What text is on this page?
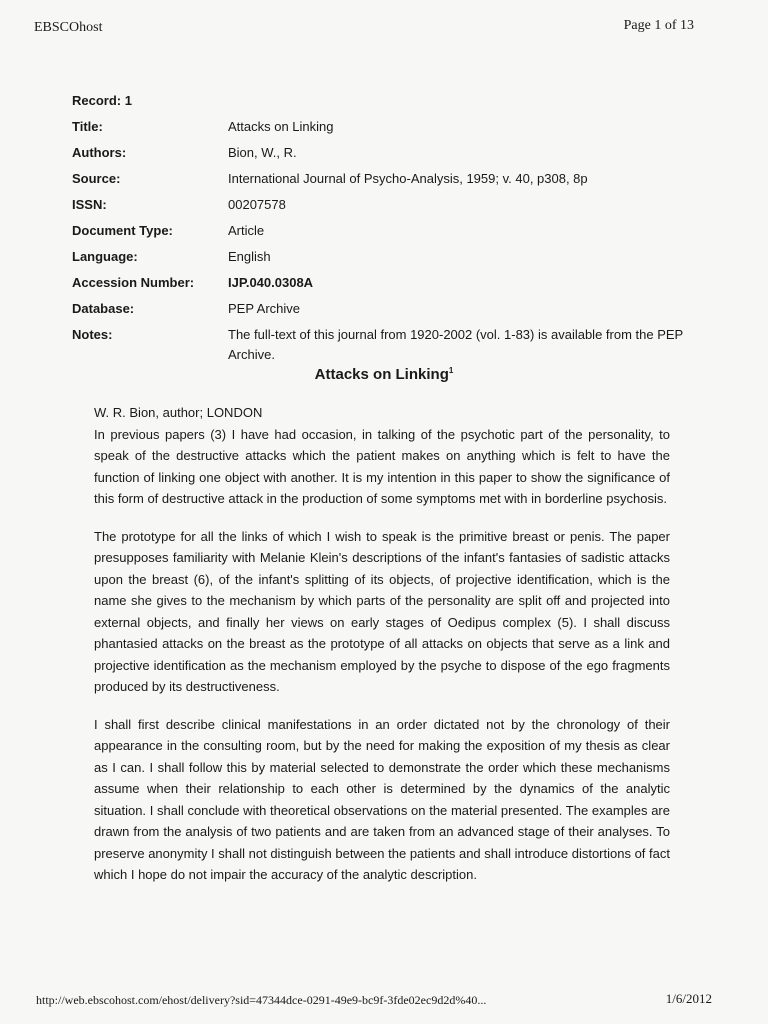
EBSCOhost	Page 1 of 13
Record: 1
Title:	Attacks on Linking
Authors:	Bion, W., R.
Source:	International Journal of Psycho-Analysis, 1959; v. 40, p308, 8p
ISSN:	00207578
Document Type:	Article
Language:	English
Accession Number:	IJP.040.0308A
Database:	PEP Archive
Notes:	The full-text of this journal from 1920-2002 (vol. 1-83) is available from the PEP Archive.
Attacks on Linking$^1$
W. R. Bion, author; LONDON

In previous papers (3) I have had occasion, in talking of the psychotic part of the personality, to speak of the destructive attacks which the patient makes on anything which is felt to have the function of linking one object with another. It is my intention in this paper to show the significance of this form of destructive attack in the production of some symptoms met with in borderline psychosis.

The prototype for all the links of which I wish to speak is the primitive breast or penis. The paper presupposes familiarity with Melanie Klein's descriptions of the infant's fantasies of sadistic attacks upon the breast (6), of the infant's splitting of its objects, of projective identification, which is the name she gives to the mechanism by which parts of the personality are split off and projected into external objects, and finally her views on early stages of Oedipus complex (5). I shall discuss phantasied attacks on the breast as the prototype of all attacks on objects that serve as a link and projective identification as the mechanism employed by the psyche to dispose of the ego fragments produced by its destructiveness.

I shall first describe clinical manifestations in an order dictated not by the chronology of their appearance in the consulting room, but by the need for making the exposition of my thesis as clear as I can. I shall follow this by material selected to demonstrate the order which these mechanisms assume when their relationship to each other is determined by the dynamics of the analytic situation. I shall conclude with theoretical observations on the material presented. The examples are drawn from the analysis of two patients and are taken from an advanced stage of their analyses. To preserve anonymity I shall not distinguish between the patients and shall introduce distortions of fact which I hope do not impair the accuracy of the analytic description.

http://web.ebscohost.com/ehost/delivery?sid=47344dce-0291-49e9-bc9f-3fde02ec9d2d%40...	1/6/2012
